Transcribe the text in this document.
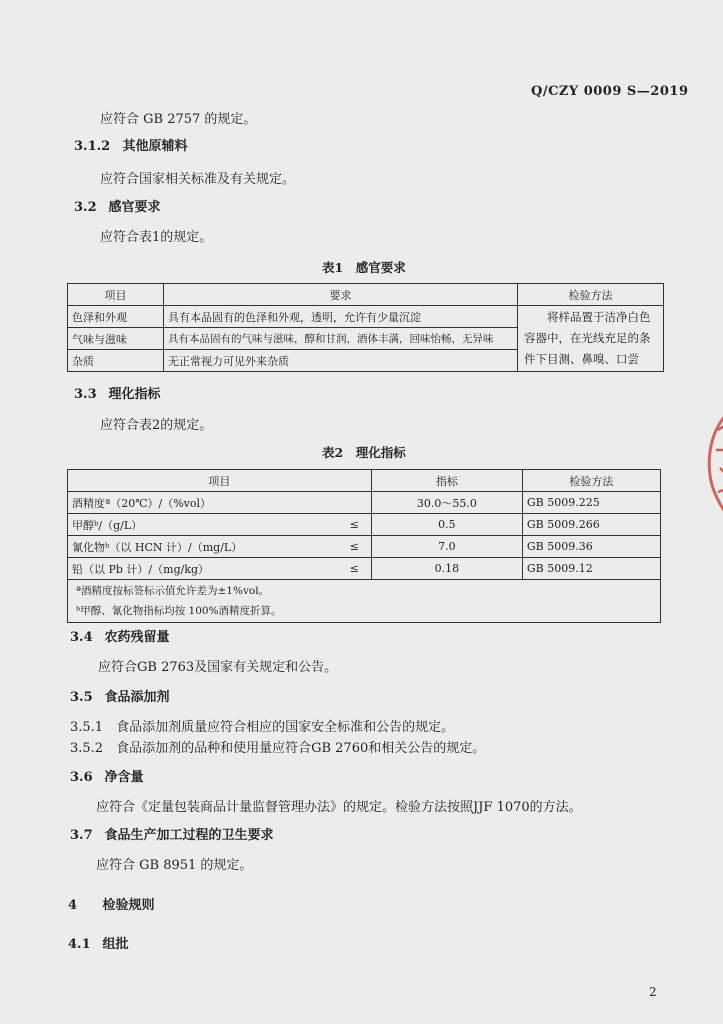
Q/CZY 0009 S—2019
应符合 GB 2757 的规定。
3.1.2 其他原辅料
应符合国家相关标准及有关规定。
3.2 感官要求
应符合表1的规定。
表1　感官要求
项目	要求	检验方法
色泽和外观	具有本品固有的色泽和外观，透明，允许有少量沉淀	将样品置于洁净白色容器中，在光线充足的条件下目测、鼻嗅、口尝
气味与滋味	具有本品固有的气味与滋味，醇和甘润，酒体丰满，回味怡畅，无异味	
杂质	无正常视力可见外来杂质	
3.3 理化指标
应符合表2的规定。
表2　理化指标
项目		指标	检验方法
酒精度ª（20℃）/（%vol）		30.0～55.0	GB 5009.225
甲醇ᵇ/（g/L）	≤	0.5	GB 5009.266
氰化物ᵇ（以 HCN 计）/（mg/L）	≤	7.0	GB 5009.36
铅（以 Pb 计）/（mg/kg）	≤	0.18	GB 5009.12

ª酒精度按标签标示值允许差为±1%vol。
ᵇ甲醇、氰化物指标均按 100%酒精度折算。			
3.4 农药残留量
应符合GB 2763及国家有关规定和公告。
3.5 食品添加剂
3.5.1　食品添加剂质量应符合相应的国家安全标准和公告的规定。
3.5.2　食品添加剂的品种和使用量应符合GB 2760和相关公告的规定。
3.6 净含量
应符合《定量包装商品计量监督管理办法》的规定。检验方法按照JJF 1070的方法。
3.7 食品生产加工过程的卫生要求
应符合 GB 8951 的规定。
4 检验规则
4.1 组批
2
